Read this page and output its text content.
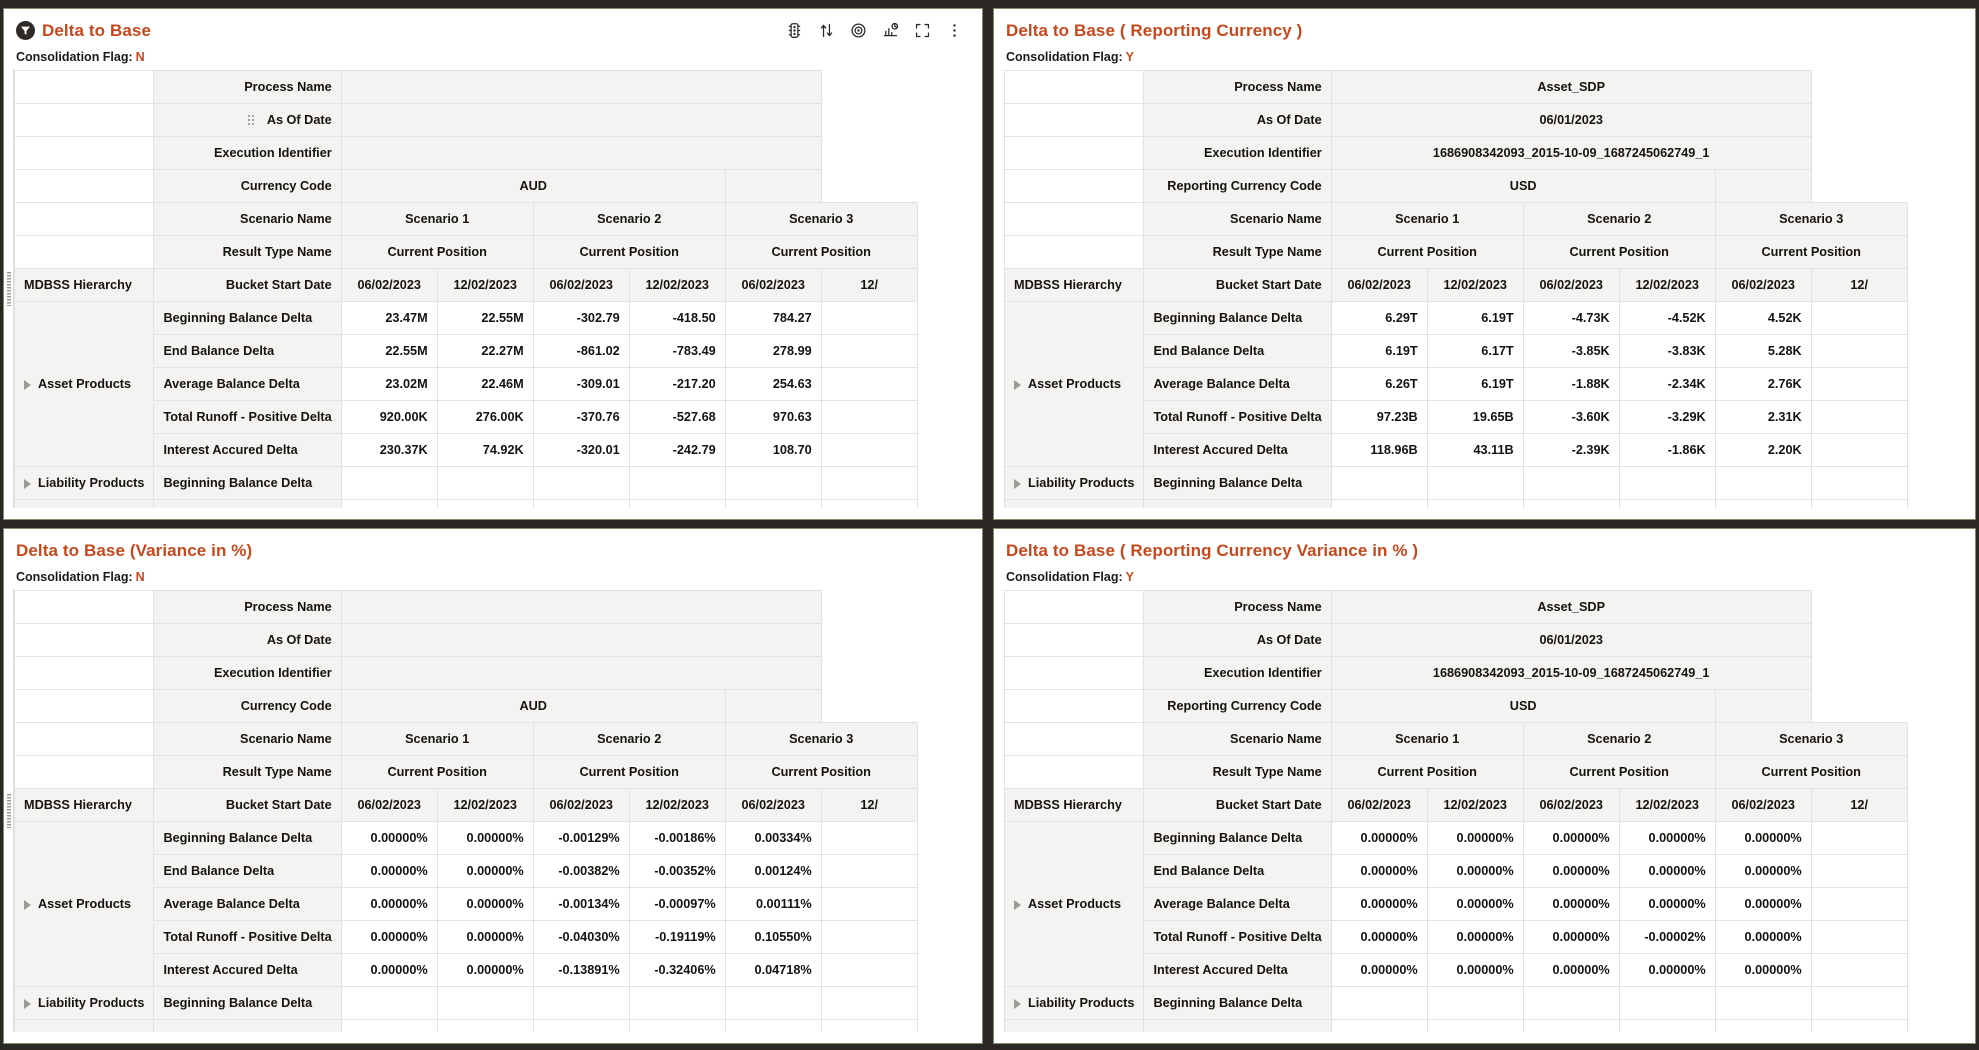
Delta to Base
Consolidation Flag: N
	Process Name						

	As Of Date						

	Execution Identifier						
	Currency Code	AUD					
	Scenario Name	Scenario 1		Scenario 2		Scenario 3	
	Result Type Name	Current Position		Current Position		Current Position	
MDBSS Hierarchy	Bucket Start Date	06/02/2023	12/02/2023	06/02/2023	12/02/2023	06/02/2023	12/
Asset Products	Beginning Balance Delta	23.47M	22.55M	-302.79	-418.50	784.27	
	End Balance Delta	22.55M	22.27M	-861.02	-783.49	278.99	
	Average Balance Delta	23.02M	22.46M	-309.01	-217.20	254.63	
	Total Runoff - Positive Delta	920.00K	276.00K	-370.76	-527.68	970.63	
	Interest Accured Delta	230.37K	74.92K	-320.01	-242.79	108.70	
Liability Products	Beginning Balance Delta						

Delta to Base ( Reporting Currency )
Consolidation Flag: Y
	Process Name	Asset_SDP					
	As Of Date	06/01/2023					
	Execution Identifier	1686908342093_2015-10-09_1687245062749_1					
	Reporting Currency Code	USD					
	Scenario Name	Scenario 1		Scenario 2		Scenario 3	
	Result Type Name	Current Position		Current Position		Current Position	
MDBSS Hierarchy	Bucket Start Date	06/02/2023	12/02/2023	06/02/2023	12/02/2023	06/02/2023	12/
Asset Products	Beginning Balance Delta	6.29T	6.19T	-4.73K	-4.52K	4.52K	
	End Balance Delta	6.19T	6.17T	-3.85K	-3.83K	5.28K	
	Average Balance Delta	6.26T	6.19T	-1.88K	-2.34K	2.76K	
	Total Runoff - Positive Delta	97.23B	19.65B	-3.60K	-3.29K	2.31K	
	Interest Accured Delta	118.96B	43.11B	-2.39K	-1.86K	2.20K	
Liability Products	Beginning Balance Delta						

Delta to Base (Variance in %)
Consolidation Flag: N
	Process Name						
	As Of Date						
	Execution Identifier						
	Currency Code	AUD					
	Scenario Name	Scenario 1		Scenario 2		Scenario 3	
	Result Type Name	Current Position		Current Position		Current Position	
MDBSS Hierarchy	Bucket Start Date	06/02/2023	12/02/2023	06/02/2023	12/02/2023	06/02/2023	12/
Asset Products	Beginning Balance Delta	0.00000%	0.00000%	-0.00129%	-0.00186%	0.00334%	
	End Balance Delta	0.00000%	0.00000%	-0.00382%	-0.00352%	0.00124%	
	Average Balance Delta	0.00000%	0.00000%	-0.00134%	-0.00097%	0.00111%	
	Total Runoff - Positive Delta	0.00000%	0.00000%	-0.04030%	-0.19119%	0.10550%	
	Interest Accured Delta	0.00000%	0.00000%	-0.13891%	-0.32406%	0.04718%	
Liability Products	Beginning Balance Delta						

Delta to Base ( Reporting Currency Variance in % )
Consolidation Flag: Y
	Process Name	Asset_SDP					
	As Of Date	06/01/2023					
	Execution Identifier	1686908342093_2015-10-09_1687245062749_1					
	Reporting Currency Code	USD					
	Scenario Name	Scenario 1		Scenario 2		Scenario 3	
	Result Type Name	Current Position		Current Position		Current Position	
MDBSS Hierarchy	Bucket Start Date	06/02/2023	12/02/2023	06/02/2023	12/02/2023	06/02/2023	12/
Asset Products	Beginning Balance Delta	0.00000%	0.00000%	0.00000%	0.00000%	0.00000%	
	End Balance Delta	0.00000%	0.00000%	0.00000%	0.00000%	0.00000%	
	Average Balance Delta	0.00000%	0.00000%	0.00000%	0.00000%	0.00000%	
	Total Runoff - Positive Delta	0.00000%	0.00000%	0.00000%	-0.00002%	0.00000%	
	Interest Accured Delta	0.00000%	0.00000%	0.00000%	0.00000%	0.00000%	
Liability Products	Beginning Balance Delta						
